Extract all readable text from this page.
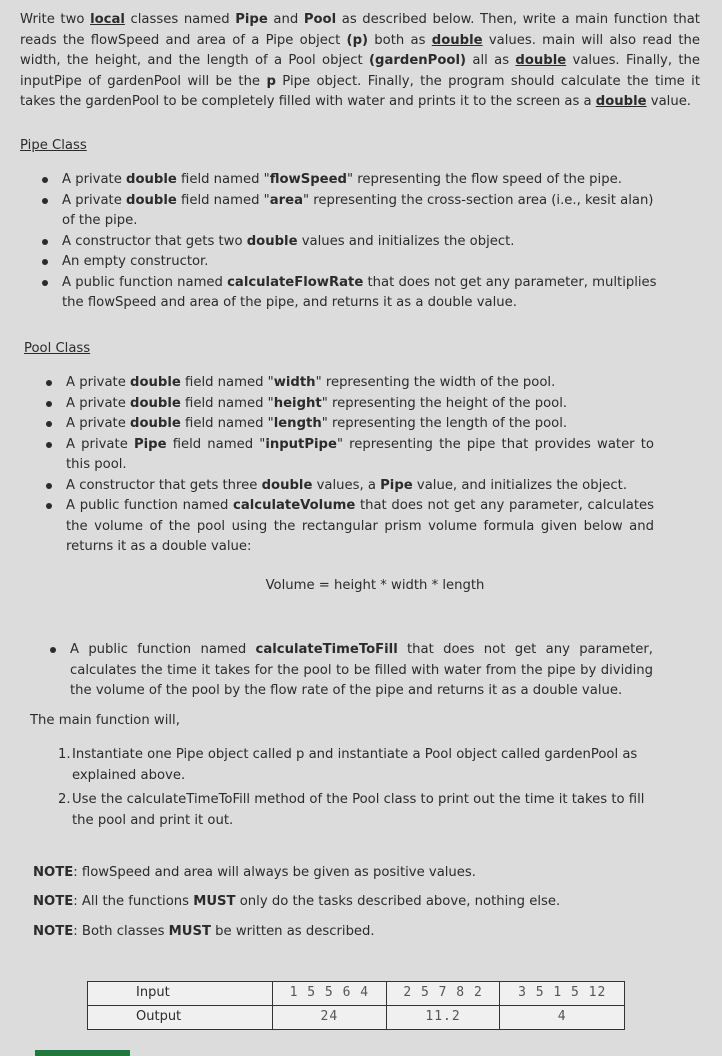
Write two local classes named Pipe and Pool as described below. Then, write a main function that reads the flowSpeed and area of a Pipe object (p) both as double values. main will also read the width, the height, and the length of a Pool object (gardenPool) all as double values. Finally, the inputPipe of gardenPool will be the p Pipe object. Finally, the program should calculate the time it takes the gardenPool to be completely filled with water and prints it to the screen as a double value.
Pipe Class
A private double field named "flowSpeed" representing the flow speed of the pipe.
A private double field named "area" representing the cross-section area (i.e., kesit alan) of the pipe.
A constructor that gets two double values and initializes the object.
An empty constructor.
A public function named calculateFlowRate that does not get any parameter, multiplies the flowSpeed and area of the pipe, and returns it as a double value.
Pool Class
A private double field named "width" representing the width of the pool.
A private double field named "height" representing the height of the pool.
A private double field named "length" representing the length of the pool.
A private Pipe field named "inputPipe" representing the pipe that provides water to this pool.
A constructor that gets three double values, a Pipe value, and initializes the object.
A public function named calculateVolume that does not get any parameter, calculates the volume of the pool using the rectangular prism volume formula given below and returns it as a double value:
Volume = height * width * length
A public function named calculateTimeToFill that does not get any parameter, calculates the time it takes for the pool to be filled with water from the pipe by dividing the volume of the pool by the flow rate of the pipe and returns it as a double value.
The main function will,
1. Instantiate one Pipe object called p and instantiate a Pool object called gardenPool as explained above.
2. Use the calculateTimeToFill method of the Pool class to print out the time it takes to fill the pool and print it out.
NOTE: flowSpeed and area will always be given as positive values.
NOTE: All the functions MUST only do the tasks described above, nothing else.
NOTE: Both classes MUST be written as described.
Input	1 5 5 6 4	2 5 7 8 2	3 5 1 5 12
Output	24	11.2	4
